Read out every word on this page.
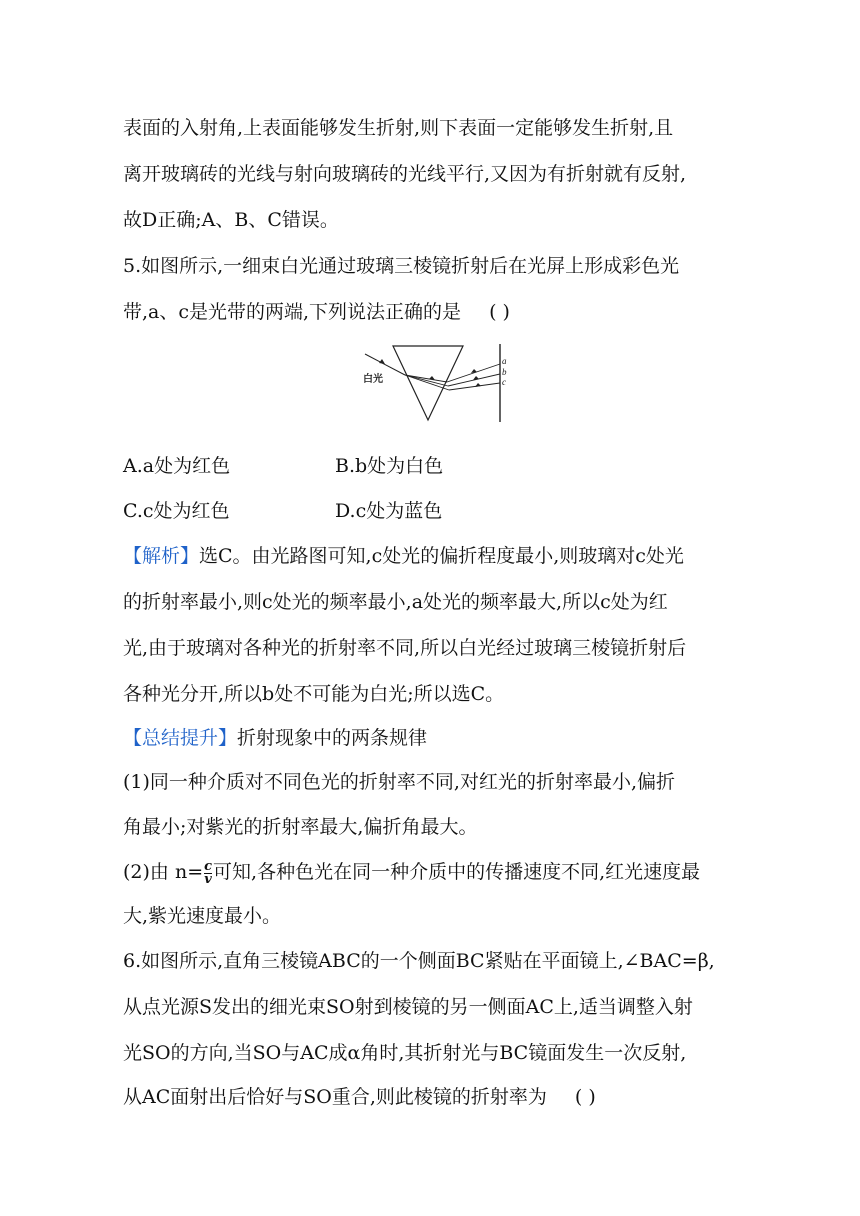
表面的入射角,上表面能够发生折射,则下表面一定能够发生折射,且
离开玻璃砖的光线与射向玻璃砖的光线平行,又因为有折射就有反射,
故D正确;A、B、C错误。
5.如图所示,一细束白光通过玻璃三棱镜折射后在光屏上形成彩色光
带,a、c是光带的两端,下列说法正确的是 ( )
白光
a
b
c
A.a处为红色	B.b处为白色
C.c处为红色	D.c处为蓝色
【解析】选C。由光路图可知,c处光的偏折程度最小,则玻璃对c处光
的折射率最小,则c处光的频率最小,a处光的频率最大,所以c处为红
光,由于玻璃对各种光的折射率不同,所以白光经过玻璃三棱镜折射后
各种光分开,所以b处不可能为白光;所以选C。
【总结提升】折射现象中的两条规律
(1)同一种介质对不同色光的折射率不同,对红光的折射率最小,偏折
角最小;对紫光的折射率最大,偏折角最大。
(2)由 $n= \frac{c}{v}$ 可知,各种色光在同一种介质中的传播速度不同,红光速度最
大,紫光速度最小。
6.如图所示,直角三棱镜ABC的一个侧面BC紧贴在平面镜上,∠BAC=β,
从点光源S发出的细光束SO射到棱镜的另一侧面AC上,适当调整入射
光SO的方向,当SO与AC成α角时,其折射光与BC镜面发生一次反射,
从AC面射出后恰好与SO重合,则此棱镜的折射率为 ( )
